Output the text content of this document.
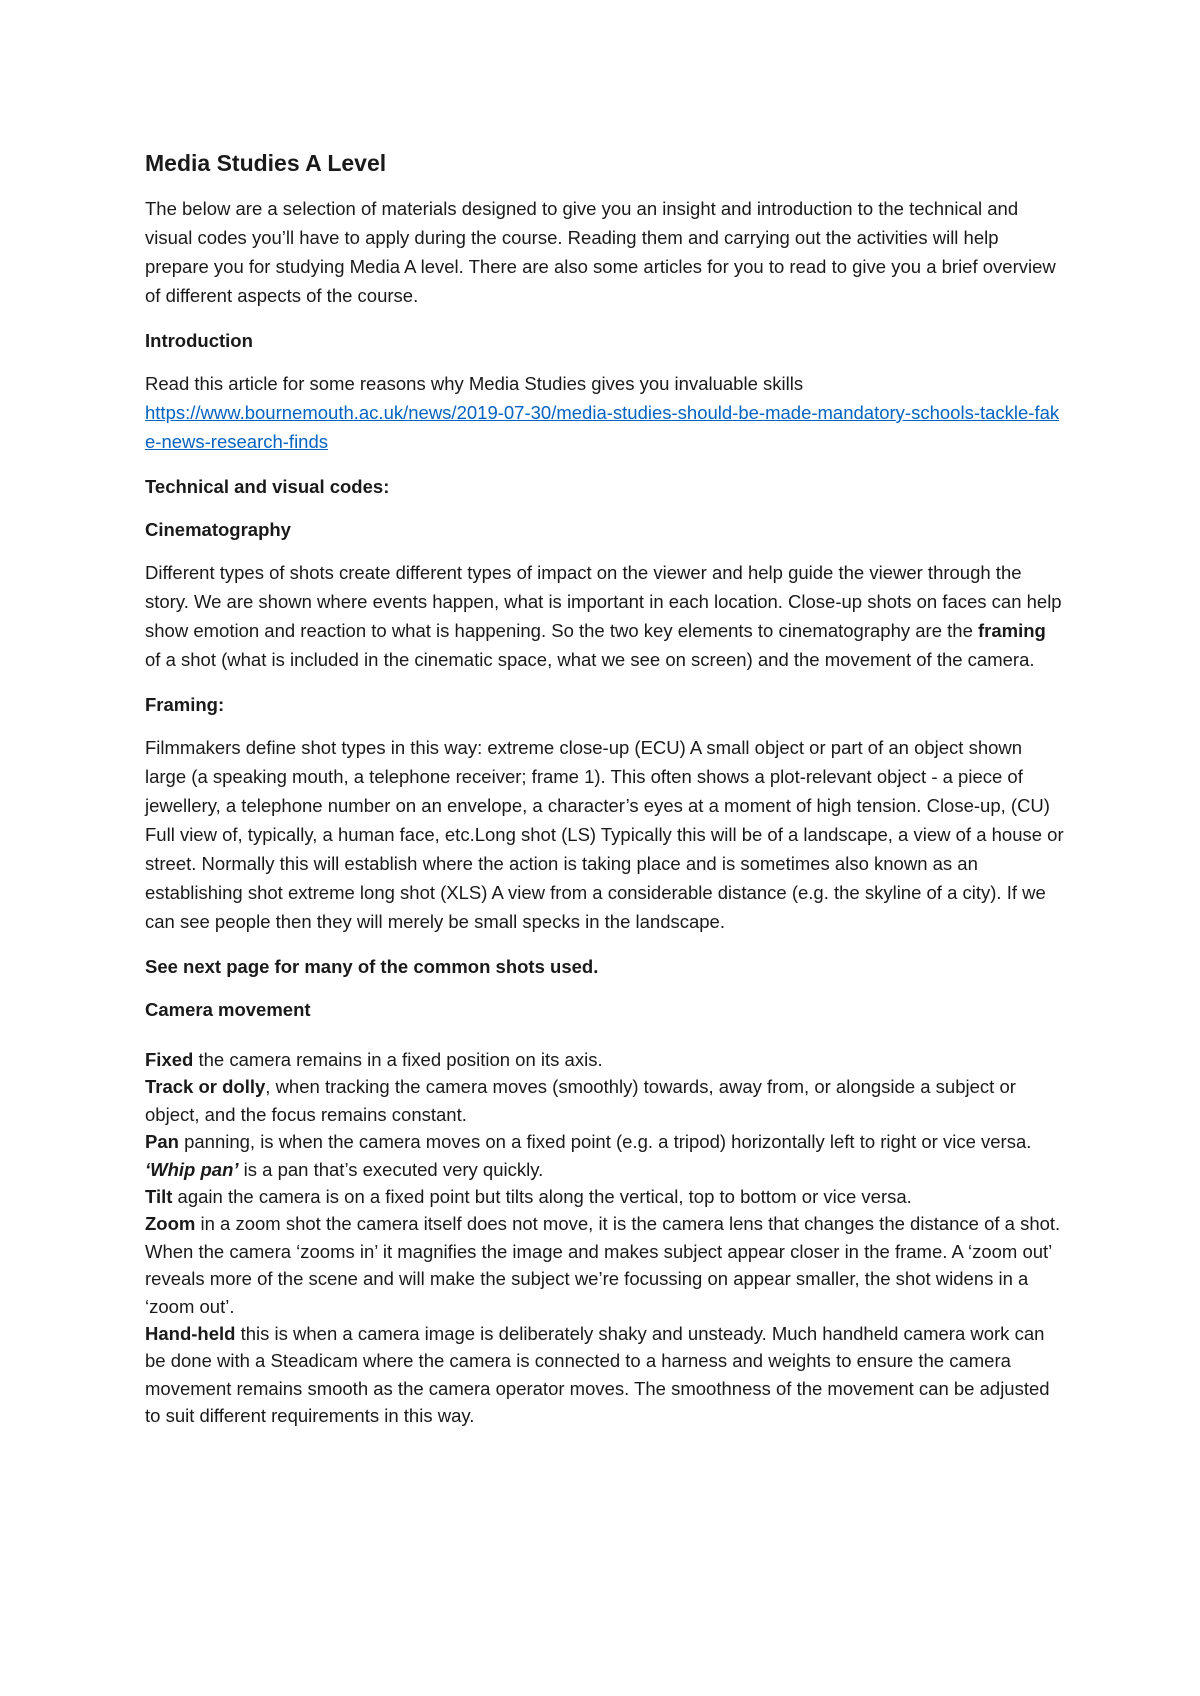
Media Studies A Level

The below are a selection of materials designed to give you an insight and introduction to the technical and visual codes you’ll have to apply during the course. Reading them and carrying out the activities will help prepare you for studying Media A level. There are also some articles for you to read to give you a brief overview of different aspects of the course.

Introduction

Read this article for some reasons why Media Studies gives you invaluable skills
https://www.bournemouth.ac.uk/news/2019-07-30/media-studies-should-be-made-mandatory-schools-tackle-fake-news-research-finds

Technical and visual codes:

Cinematography

Different types of shots create different types of impact on the viewer and help guide the viewer through the story. We are shown where events happen, what is important in each location. Close-up shots on faces can help show emotion and reaction to what is happening. So the two key elements to cinematography are the framing of a shot (what is included in the cinematic space, what we see on screen) and the movement of the camera.

Framing:

Filmmakers define shot types in this way: extreme close-up (ECU) A small object or part of an object shown large (a speaking mouth, a telephone receiver; frame 1). This often shows a plot-relevant object - a piece of jewellery, a telephone number on an envelope, a character’s eyes at a moment of high tension. Close-up, (CU) Full view of, typically, a human face, etc.Long shot (LS) Typically this will be of a landscape, a view of a house or street. Normally this will establish where the action is taking place and is sometimes also known as an establishing shot extreme long shot (XLS) A view from a considerable distance (e.g. the skyline of a city). If we can see people then they will merely be small specks in the landscape.

See next page for many of the common shots used.

Camera movement

Fixed the camera remains in a fixed position on its axis.
Track or dolly, when tracking the camera moves (smoothly) towards, away from, or alongside a subject or object, and the focus remains constant.
Pan panning, is when the camera moves on a fixed point (e.g. a tripod) horizontally left to right or vice versa. ‘Whip pan’ is a pan that’s executed very quickly.
Tilt again the camera is on a fixed point but tilts along the vertical, top to bottom or vice versa.
Zoom in a zoom shot the camera itself does not move, it is the camera lens that changes the distance of a shot. When the camera ‘zooms in’ it magnifies the image and makes subject appear closer in the frame. A ‘zoom out’ reveals more of the scene and will make the subject we’re focussing on appear smaller, the shot widens in a ‘zoom out’.
Hand-held this is when a camera image is deliberately shaky and unsteady. Much handheld camera work can be done with a Steadicam where the camera is connected to a harness and weights to ensure the camera movement remains smooth as the camera operator moves. The smoothness of the movement can be adjusted to suit different requirements in this way.
